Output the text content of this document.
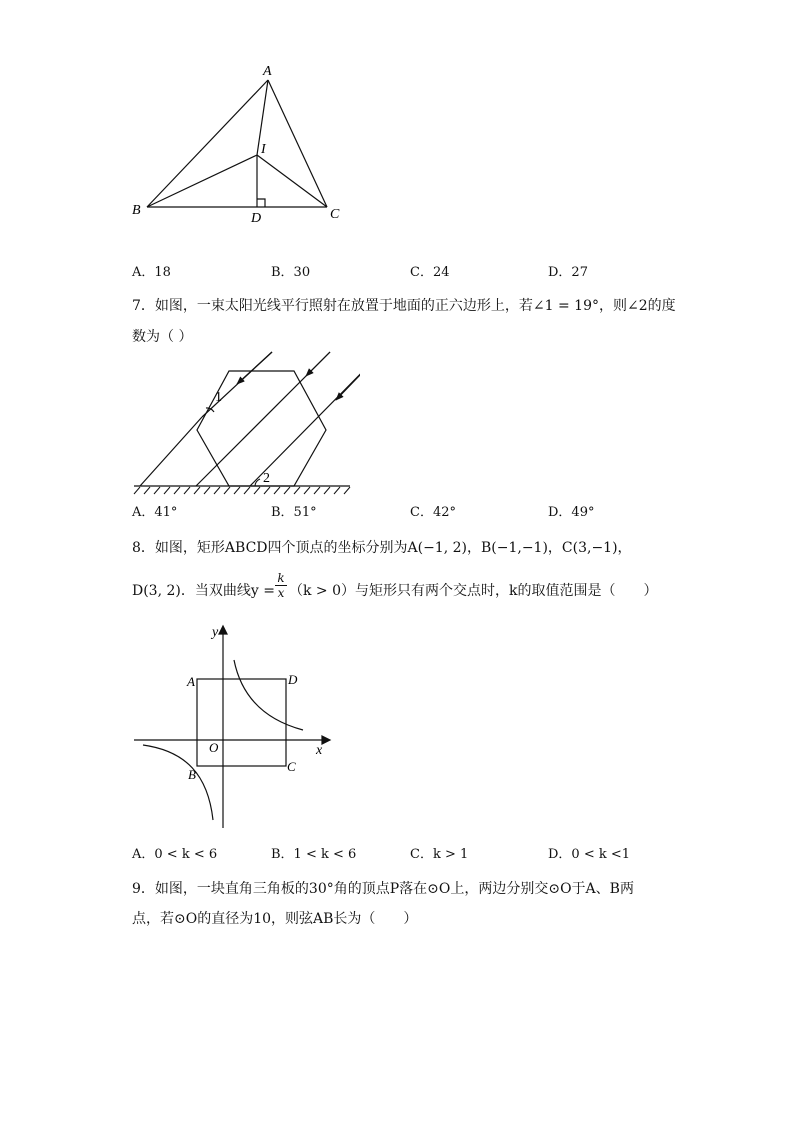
A
B	C
D
I
A．18	B．30	C．24	D．27
7．如图，一束太阳光线平行照射在放置于地面的正六边形上，若∠1 = 19°，则∠2的度
数为（ ）
1
2
A．41°	B．51°	C．42°	D．49°
8．如图，矩形ABCD四个顶点的坐标分别为A(−1, 2)，B(−1,−1)，C(3,−1)，
D(3, 2)．当双曲线$y = \frac{k}{x} (k > 0)$与矩形只有两个交点时，k的取值范围是（　　）
y
x
O
A	D
B
C
A．0 < k < 6	B．1 < k < 6	C．k > 1	D．0 < k <1
9．如图，一块直角三角板的30°角的顶点P落在⊙O上，两边分别交⊙O于A、B两
点，若⊙O的直径为10，则弦AB长为（　　）
